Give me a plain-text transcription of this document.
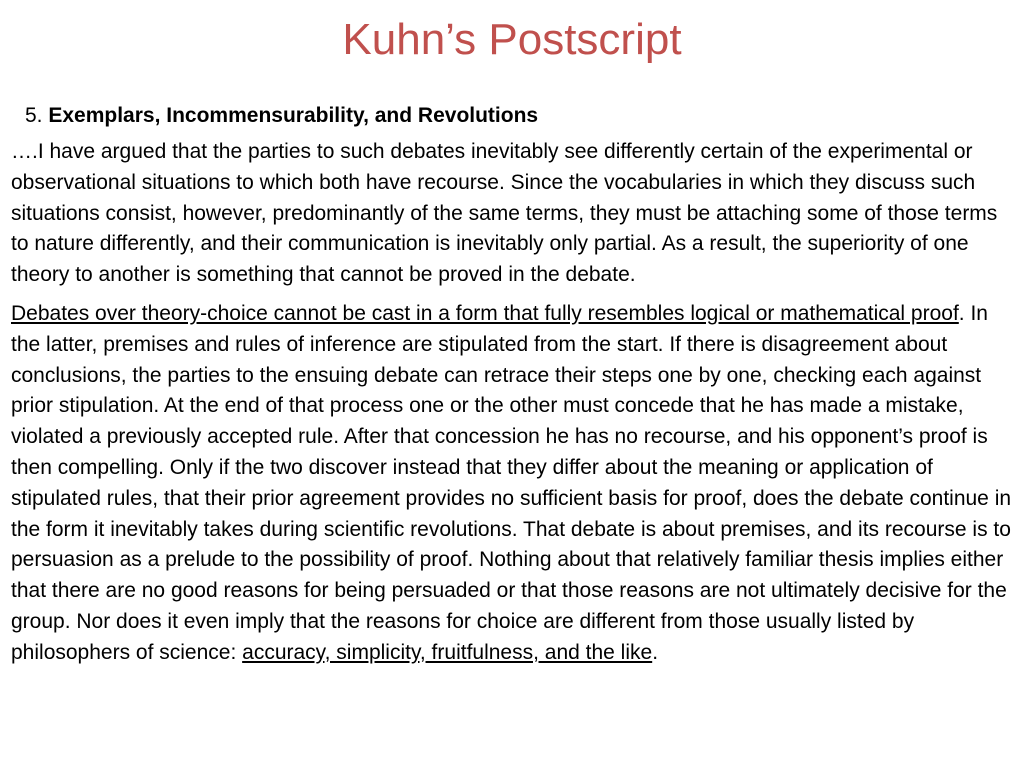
Kuhn’s Postscript
5. Exemplars, Incommensurability, and Revolutions

….I have argued that the parties to such debates inevitably see differently certain of the experimental or observational situations to which both have recourse. Since the vocabularies in which they discuss such situations consist, however, predominantly of the same terms, they must be attaching some of those terms to nature differently, and their communication is inevitably only partial. As a result, the superiority of one theory to another is something that cannot be proved in the debate.

Debates over theory-choice cannot be cast in a form that fully resembles logical or mathematical proof. In the latter, premises and rules of inference are stipulated from the start. If there is disagreement about conclusions, the parties to the ensuing debate can retrace their steps one by one, checking each against prior stipulation. At the end of that process one or the other must concede that he has made a mistake, violated a previously accepted rule. After that concession he has no recourse, and his opponent’s proof is then compelling. Only if the two discover instead that they differ about the meaning or application of stipulated rules, that their prior agreement provides no sufficient basis for proof, does the debate continue in the form it inevitably takes during scientific revolutions. That debate is about premises, and its recourse is to persuasion as a prelude to the possibility of proof. Nothing about that relatively familiar thesis implies either that there are no good reasons for being persuaded or that those reasons are not ultimately decisive for the group. Nor does it even imply that the reasons for choice are different from those usually listed by philosophers of science: accuracy, simplicity, fruitfulness, and the like.
